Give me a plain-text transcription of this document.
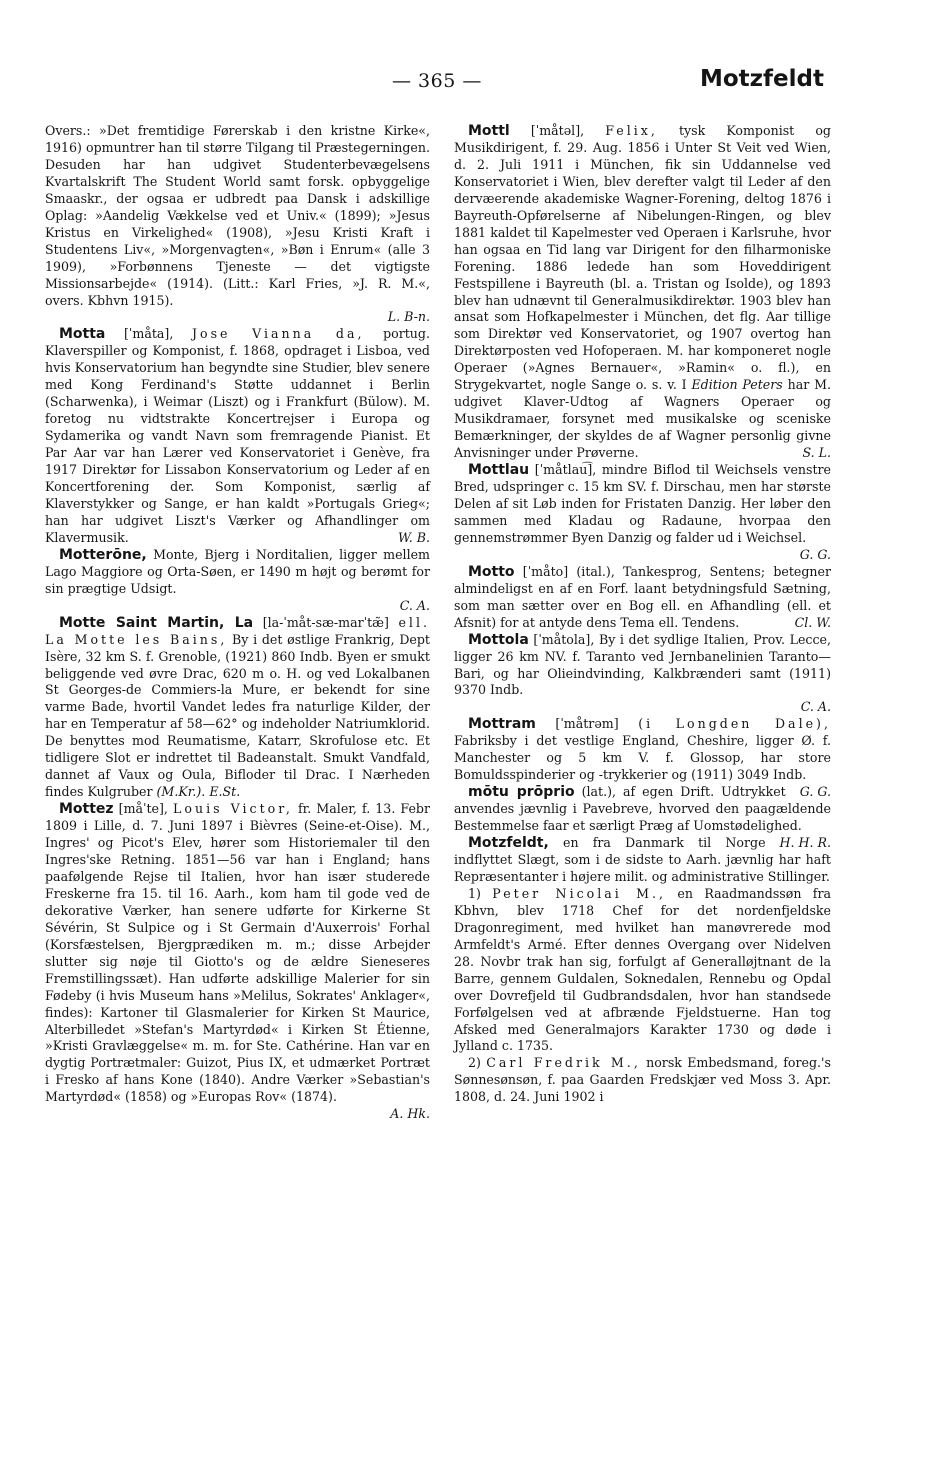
— 365 —	Motzfeldt

Overs.: »Det fremtidige Førerskab i den kristne Kirke«, 1916) opmuntrer han til større Tilgang til Præstegerningen. Desuden har han udgivet Studenterbevægelsens Kvartalskrift The Student World samt forsk. opbyggelige Smaaskr., der ogsaa er udbredt paa Dansk i adskillige Oplag: »Aandelig Vækkelse ved et Univ.« (1899); »Jesus Kristus en Virkelighed« (1908), »Jesu Kristi Kraft i Studentens Liv«, »Morgenvagten«, »Bøn i Enrum« (alle 3 1909), »Forbønnens Tjeneste — det vigtigste Missionsarbejde« (1914). (Litt.: Karl Fries, »J. R. M.«, overs. Kbhvn 1915).
L. B-n.

Motta [ˈmåta], Jose Vianna da, portug. Klaverspiller og Komponist, f. 1868, opdraget i Lisboa, ved hvis Konservatorium han begyndte sine Studier, blev senere med Kong Ferdinand's Støtte uddannet i Berlin (Scharwenka), i Weimar (Liszt) og i Frankfurt (Bülow). M. foretog nu vidtstrakte Koncertrejser i Europa og Sydamerika og vandt Navn som fremragende Pianist. Et Par Aar var han Lærer ved Konservatoriet i Genève, fra 1917 Direktør for Lissabon Konservatorium og Leder af en Koncertforening der. Som Komponist, særlig af Klaverstykker og Sange, er han kaldt »Portugals Grieg«; han har udgivet Liszt's Værker og Afhandlinger om Klavermusik.	W. B.

Motterōne, Monte, Bjerg i Norditalien, ligger mellem Lago Maggiore og Orta-Søen, er 1490 m højt og berømt for sin prægtige Udsigt.
C. A.

Motte Saint Martin, La [la-ˈmåt-sæ-marˈtæ̃] ell. La Motte les Bains, By i det østlige Frankrig, Dept Isère, 32 km S. f. Grenoble, (1921) 860 Indb. Byen er smukt beliggende ved øvre Drac, 620 m o. H. og ved Lokalbanen St Georges-de Commiers-la Mure, er bekendt for sine varme Bade, hvortil Vandet ledes fra naturlige Kilder, der har en Temperatur af 58—62° og indeholder Natriumklorid. De benyttes mod Reumatisme, Katarr, Skrofulose etc. Et tidligere Slot er indrettet til Badeanstalt. Smukt Vandfald, dannet af Vaux og Oula, Bifloder til Drac. I Nærheden findes Kulgruber (M.Kr.). E.St.

Mottez [måˈte], Louis Victor, fr. Maler, f. 13. Febr 1809 i Lille, d. 7. Juni 1897 i Bièvres (Seine-et-Oise). M., Ingres' og Picot's Elev, hører som Historiemaler til den Ingres'ske Retning. 1851—56 var han i England; hans paafølgende Rejse til Italien, hvor han især studerede Freskerne fra 15. til 16. Aarh., kom ham til gode ved de dekorative Værker, han senere udførte for Kirkerne St Sévérin, St Sulpice og i St Germain d'Auxerrois' Forhal (Korsfæstelsen, Bjergprædiken m. m.; disse Arbejder slutter sig nøje til Giotto's og de ældre Sieneseres Fremstillingssæt). Han udførte adskillige Malerier for sin Fødeby (i hvis Museum hans »Melilus, Sokrates' Anklager«, findes): Kartoner til Glasmalerier for Kirken St Maurice, Alterbilledet »Stefan's Martyrdød« i Kirken St Étienne, »Kristi Gravlæggelse« m. m. for Ste. Cathérine. Han var en dygtig Portrætmaler: Guizot, Pius IX, et udmærket Portræt i Fresko af hans Kone (1840). Andre Værker »Sebastian's Martyrdød« (1858) og »Europas Rov« (1874).
A. Hk.

Mottl [ˈmåtəl], Felix, tysk Komponist og Musikdirigent, f. 29. Aug. 1856 i Unter St Veit ved Wien, d. 2. Juli 1911 i München, fik sin Uddannelse ved Konservatoriet i Wien, blev derefter valgt til Leder af den dervæerende akademiske Wagner-Forening, deltog 1876 i Bayreuth-Opførelserne af Nibelungen-Ringen, og blev 1881 kaldet til Kapelmester ved Operaen i Karlsruhe, hvor han ogsaa en Tid lang var Dirigent for den filharmoniske Forening. 1886 ledede han som Hoveddirigent Festspillene i Bayreuth (bl. a. Tristan og Isolde), og 1893 blev han udnævnt til Generalmusikdirektør. 1903 blev han ansat som Hofkapelmester i München, det flg. Aar tillige som Direktør ved Konservatoriet, og 1907 overtog han Direktørposten ved Hofoperaen. M. har komponeret nogle Operaer (»Agnes Bernauer«, »Ramin« o. fl.), en Strygekvartet, nogle Sange o. s. v. I Edition Peters har M. udgivet Klaver-Udtog af Wagners Operaer og Musikdramaer, forsynet med musikalske og sceniske Bemærkninger, der skyldes de af Wagner personlig givne Anvisninger under Prøverne.	S. L.

Mottlau [ˈmåtlau͡], mindre Biflod til Weichsels venstre Bred, udspringer c. 15 km SV. f. Dirschau, men har største Delen af sit Løb inden for Fristaten Danzig. Her løber den sammen med Kladau og Radaune, hvorpaa den gennemstrømmer Byen Danzig og falder ud i Weichsel.
G. G.

Motto [ˈmåto] (ital.), Tankesprog, Sentens; betegner almindeligst en af en Forf. laant betydningsfuld Sætning, som man sætter over en Bog ell. en Afhandling (ell. et Afsnit) for at antyde dens Tema ell. Tendens.	Cl. W.

Mottola [ˈmåtola], By i det sydlige Italien, Prov. Lecce, ligger 26 km NV. f. Taranto ved Jernbanelinien Taranto—Bari, og har Olieindvinding, Kalkbrænderi samt (1911) 9370 Indb.
C. A.

Mottram [ˈmåtrəm] (i Longden Dale), Fabriksby i det vestlige England, Cheshire, ligger Ø. f. Manchester og 5 km V. f. Glossop, har store Bomuldsspinderier og -trykkerier og (1911) 3049 Indb.
G. G.

mōtu prōprio (lat.), af egen Drift. Udtrykket anvendes jævnlig i Pavebreve, hvorved den paagældende Bestemmelse faar et særligt Præg af Uomstødelighed.
H. H. R.

Motzfeldt, en fra Danmark til Norge indflyttet Slægt, som i de sidste to Aarh. jævnlig har haft Repræsentanter i højere milit. og administrative Stillinger.

1) Peter Nicolai M., en Raadmandssøn fra Kbhvn, blev 1718 Chef for det nordenfjeldske Dragonregiment, med hvilket han manøvrerede mod Armfeldt's Armé. Efter dennes Overgang over Nidelven 28. Novbr trak han sig, forfulgt af Generalløjtnant de la Barre, gennem Guldalen, Soknedalen, Rennebu og Opdal over Dovrefjeld til Gudbrandsdalen, hvor han standsede Forfølgelsen ved at afbrænde Fjeldstuerne. Han tog Afsked med Generalmajors Karakter 1730 og døde i Jylland c. 1735.

2) Carl Fredrik M., norsk Embedsmand, foreg.'s Sønnesønsøn, f. paa Gaarden Fredskjær ved Moss 3. Apr. 1808, d. 24. Juni 1902 i
